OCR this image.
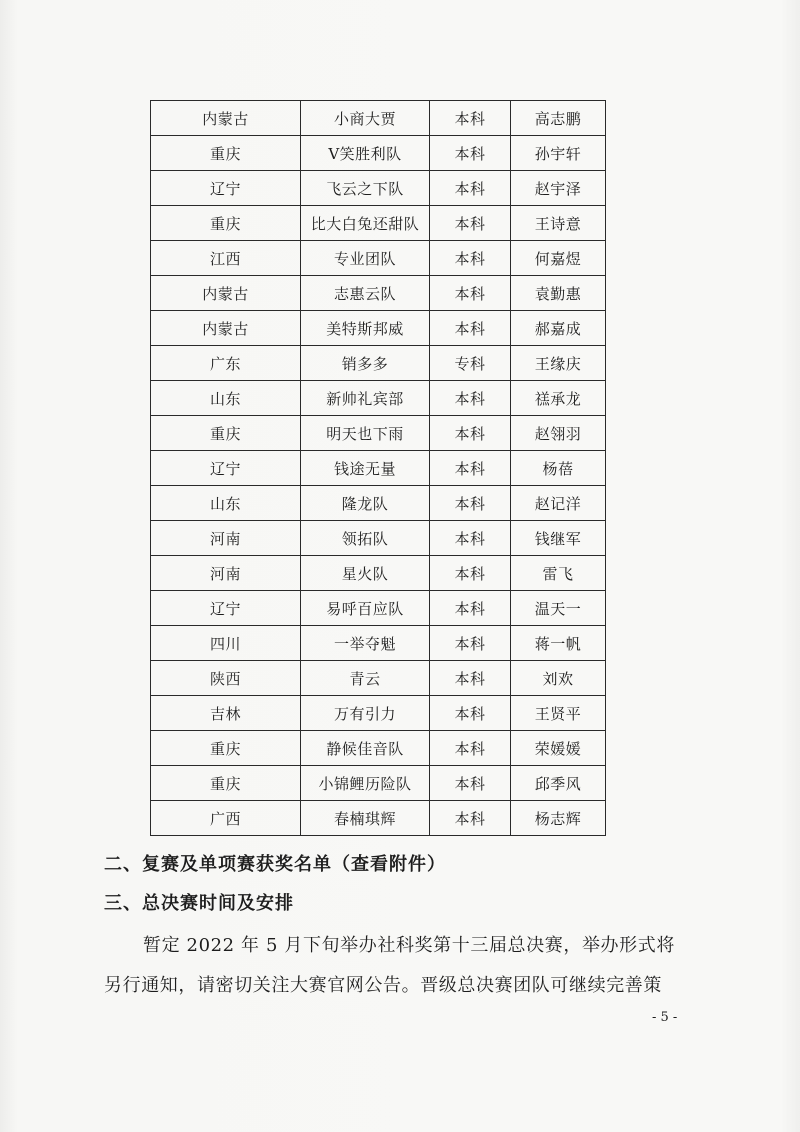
内蒙古	小商大贾	本科	高志鹏
重庆	V笑胜利队	本科	孙宇轩
辽宁	飞云之下队	本科	赵宇泽
重庆	比大白兔还甜队	本科	王诗意
江西	专业团队	本科	何嘉煜
内蒙古	志惠云队	本科	袁勤惠
内蒙古	美特斯邦威	本科	郝嘉成
广东	销多多	专科	王缘庆
山东	新帅礼宾部	本科	禚承龙
重庆	明天也下雨	本科	赵翎羽
辽宁	钱途无量	本科	杨蓓
山东	隆龙队	本科	赵记洋
河南	领拓队	本科	钱继军
河南	星火队	本科	雷飞
辽宁	易呼百应队	本科	温天一
四川	一举夺魁	本科	蒋一帆
陕西	青云	本科	刘欢
吉林	万有引力	本科	王贤平
重庆	静候佳音队	本科	荣媛媛
重庆	小锦鲤历险队	本科	邱季风
广西	春楠琪辉	本科	杨志辉
二、复赛及单项赛获奖名单（查看附件）
三、总决赛时间及安排
暂定 2022 年 5 月下旬举办社科奖第十三届总决赛，举办形式将
另行通知，请密切关注大赛官网公告。晋级总决赛团队可继续完善策
- 5 -
